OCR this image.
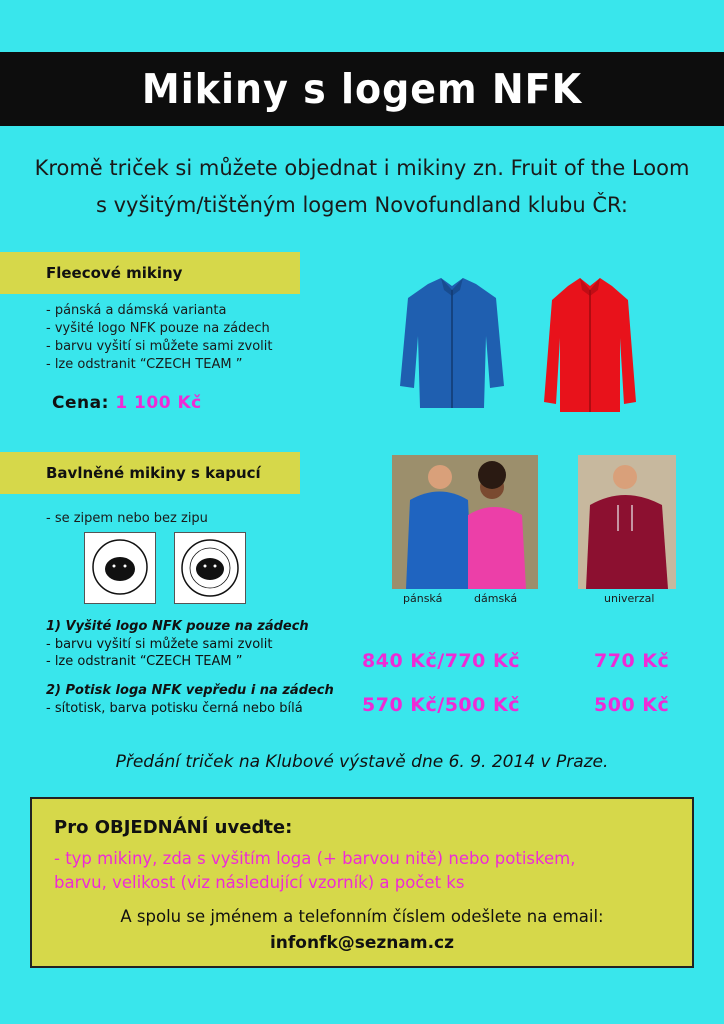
Mikiny s logem NFK
Kromě triček si můžete objednat i mikiny zn. Fruit of the Loom
s vyšitým/tištěným logem Novofundland klubu ČR:
Fleecové mikiny
- pánská a dámská varianta
- vyšité logo NFK pouze na zádech
- barvu vyšití si můžete sami zvolit
- lze odstranit “CZECH TEAM ”
Cena: 1 100 Kč
Bavlněné mikiny s kapucí
- se zipem nebo bez zipu
pánská	dámská	univerzal
1) Vyšité logo NFK pouze na zádech
- barvu vyšití si můžete sami zvolit
- lze odstranit “CZECH TEAM ”	840 Kč/770 Kč	770 Kč
2) Potisk loga NFK vepředu i na zádech
- sítotisk, barva potisku černá nebo bílá	570 Kč/500 Kč	500 Kč
Předání triček na Klubové výstavě dne 6. 9. 2014 v Praze.
Pro OBJEDNÁNÍ uveďte:
- typ mikiny, zda s vyšitím loga (+ barvou nitě) nebo potiskem,
barvu, velikost (viz následující vzorník) a počet ks
A spolu se jménem a telefonním číslem odešlete na email:
infonfk@seznam.cz
